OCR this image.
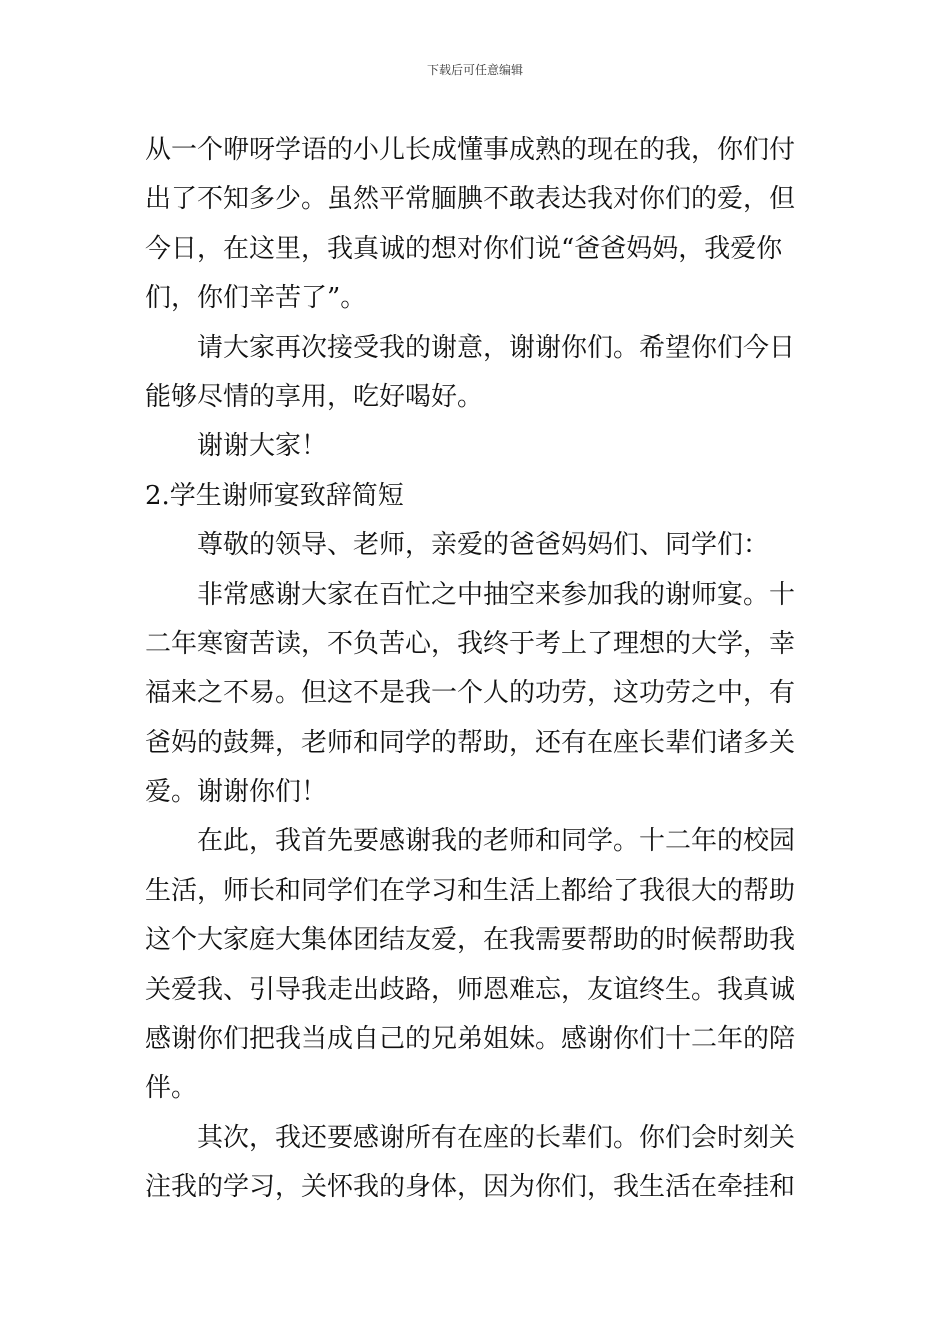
下载后可任意编辑
从一个咿呀学语的小儿长成懂事成熟的现在的我，你们付
出了不知多少。虽然平常腼腆不敢表达我对你们的爱，但
今日，在这里，我真诚的想对你们说“爸爸妈妈，我爱你
们，你们辛苦了”。
　　请大家再次接受我的谢意，谢谢你们。希望你们今日
能够尽情的享用，吃好喝好。
　　谢谢大家！
2.学生谢师宴致辞简短
　　尊敬的领导、老师，亲爱的爸爸妈妈们、同学们：
　　非常感谢大家在百忙之中抽空来参加我的谢师宴。十
二年寒窗苦读，不负苦心，我终于考上了理想的大学，幸
福来之不易。但这不是我一个人的功劳，这功劳之中，有
爸妈的鼓舞，老师和同学的帮助，还有在座长辈们诸多关
爱。谢谢你们！
　　在此，我首先要感谢我的老师和同学。十二年的校园
生活，师长和同学们在学习和生活上都给了我很大的帮助
这个大家庭大集体团结友爱，在我需要帮助的时候帮助我
关爱我、引导我走出歧路，师恩难忘，友谊终生。我真诚
感谢你们把我当成自己的兄弟姐妹。感谢你们十二年的陪
伴。
　　其次，我还要感谢所有在座的长辈们。你们会时刻关
注我的学习，关怀我的身体，因为你们，我生活在牵挂和
